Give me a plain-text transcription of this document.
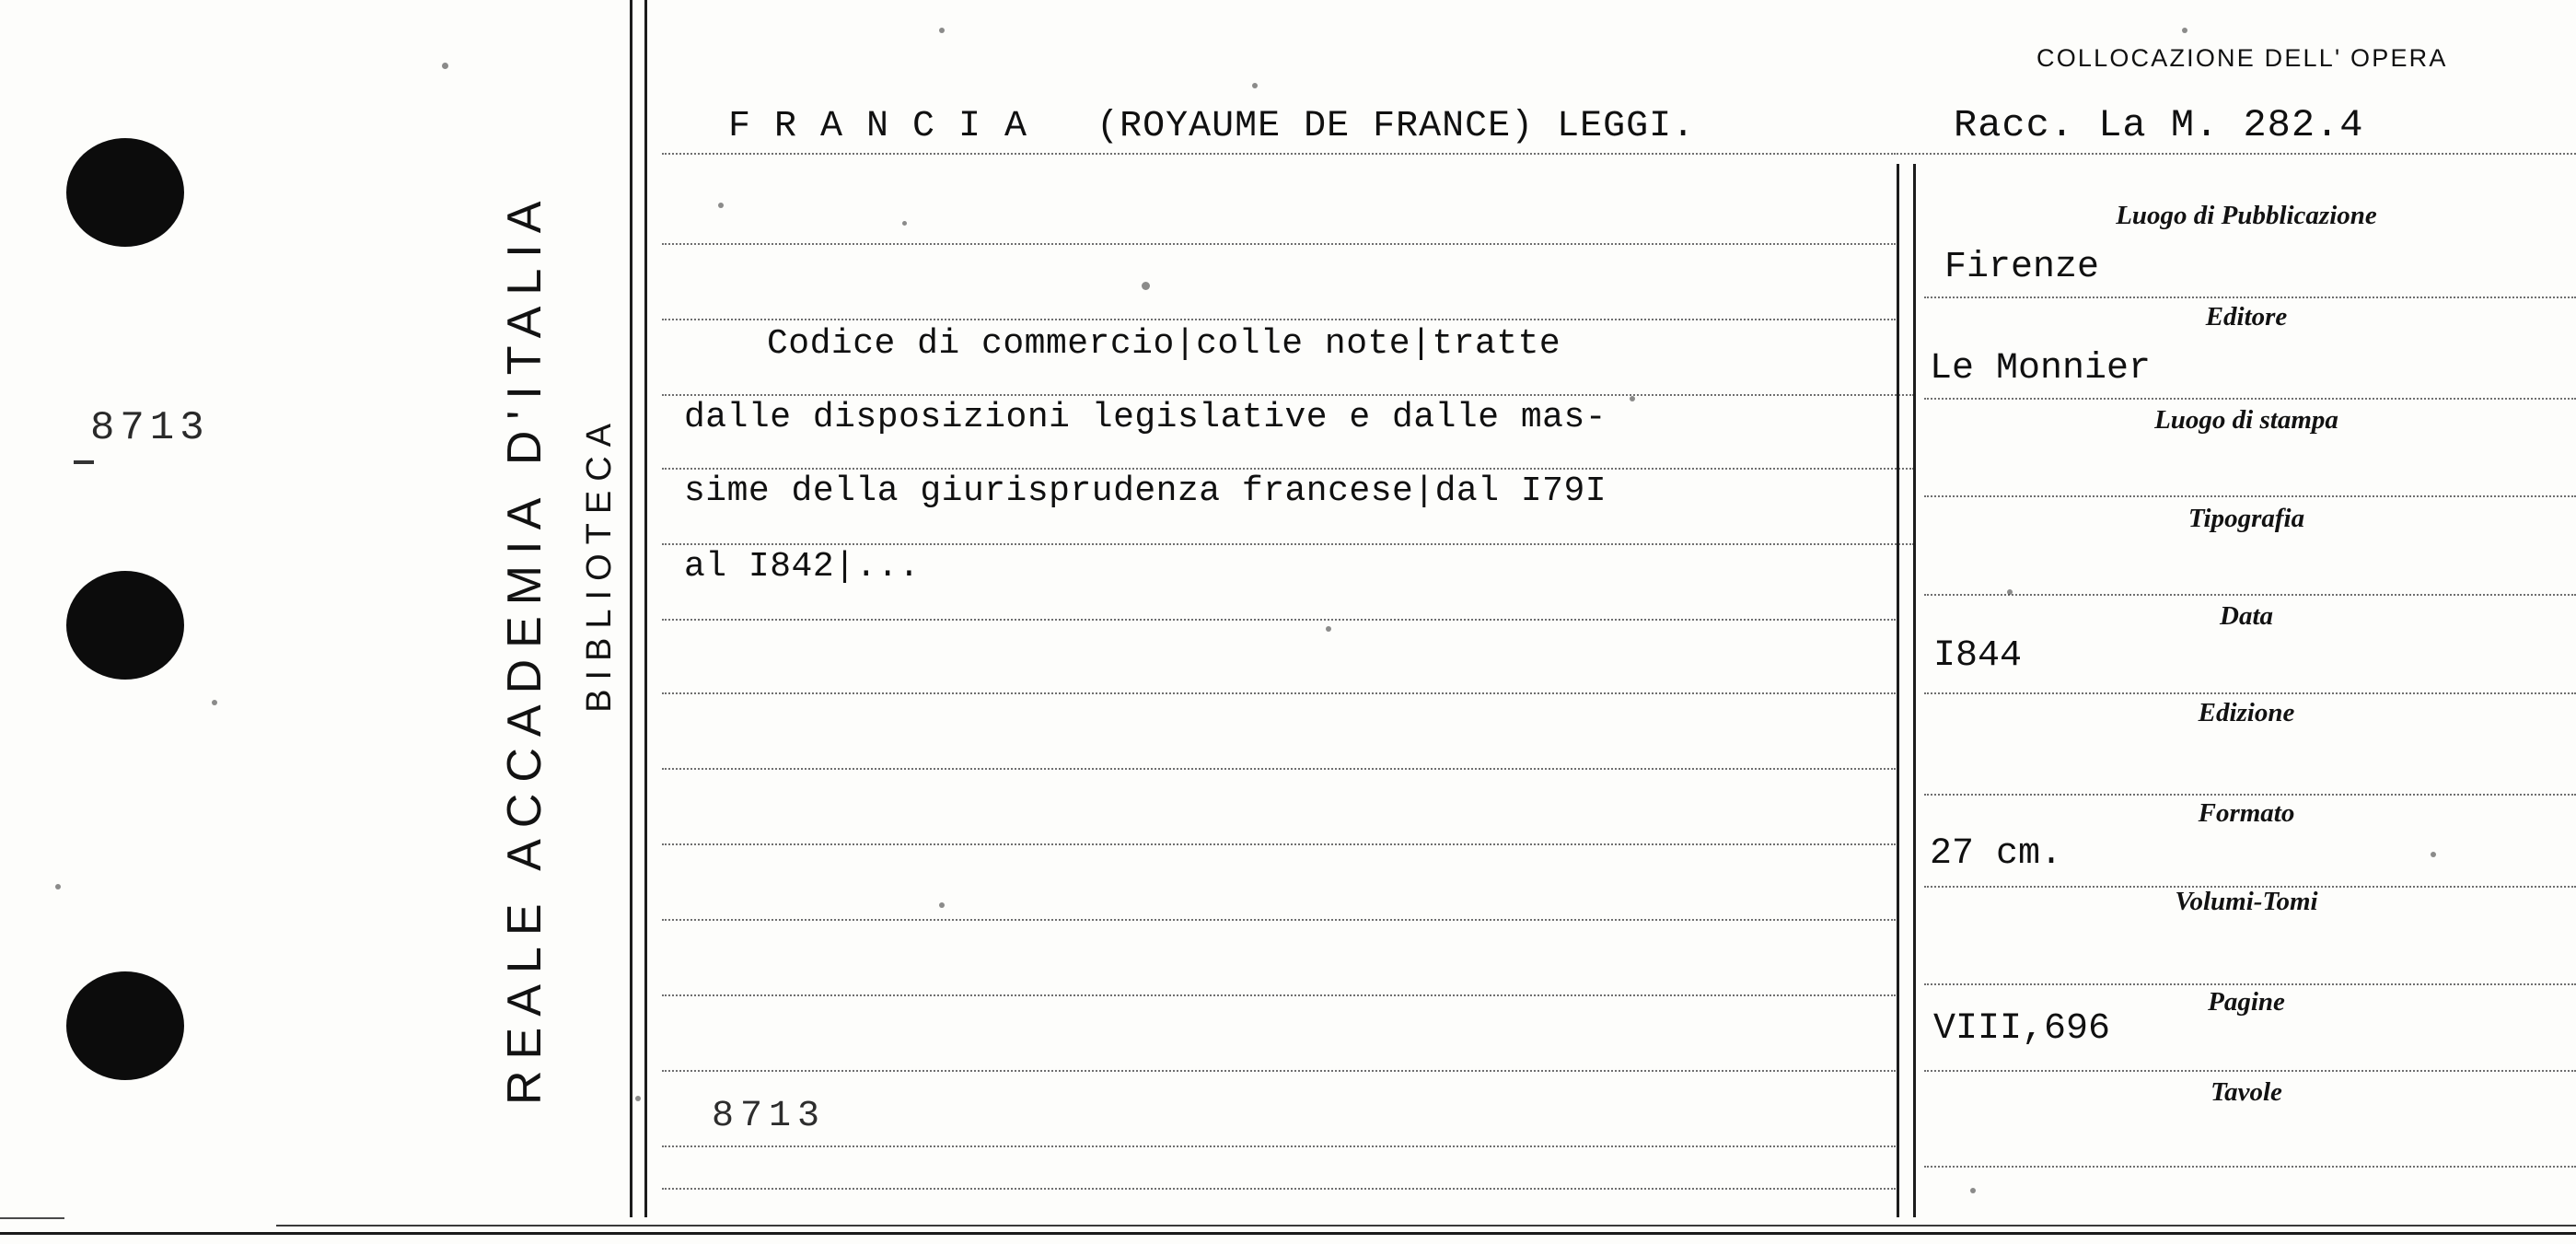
8713	REALE ACCADEMIA D'ITALIA BIBLIOTECA
F R A N C I A   (ROYAUME DE FRANCE) LEGGI.
Codice di commercio|colle note|tratte
dalle disposizioni legislative e dalle mas-
sime della giurisprudenza francese|dal I79I
al I842|...
8713
COLLOCAZIONE DELL' OPERA
Racc. La M. 282.4
Luogo di Pubblicazione
Firenze
Editore
Le Monnier
Luogo di stampa
Tipografia
Data
I844
Edizione
Formato
27 cm.
Volumi-Tomi
Pagine
VIII,696
Tavole
